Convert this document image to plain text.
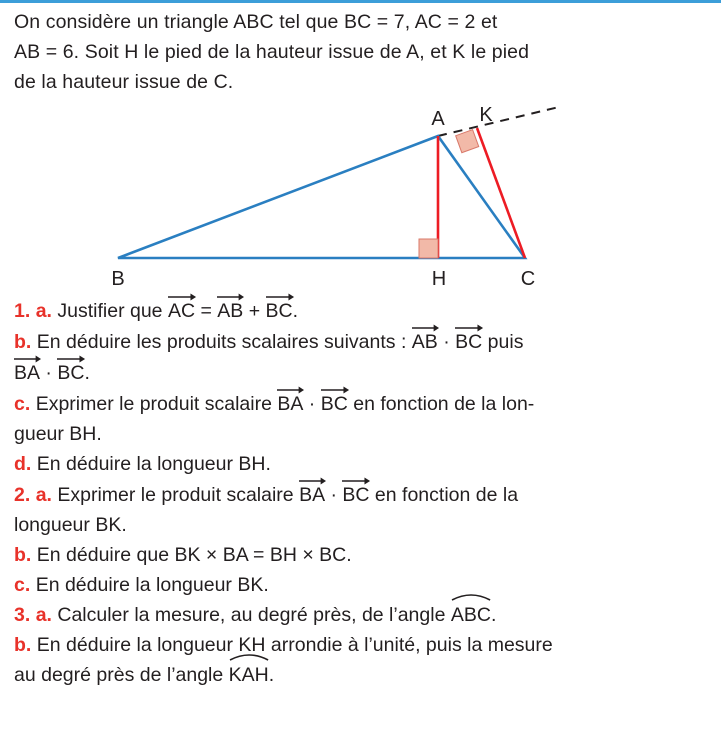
On considère un triangle ABC tel que BC = 7, AC = 2 et
AB = 6. Soit H le pied de la hauteur issue de A, et K le pied
de la hauteur issue de C.
A K
B	H	C
1. a. Justifier que
AC =
AB +
BC.
b. En déduire les produits scalaires suivants :
AB ·
BC puis
BA ·
BC.
c. Exprimer le produit scalaire
BA ·
BC en fonction de la lon-
gueur BH.
d. En déduire la longueur BH.
2. a. Exprimer le produit scalaire
BA ·
BC en fonction de la
longueur BK.
b. En déduire que BK × BA = BH × BC.
c. En déduire la longueur BK.
3. a. Calculer la mesure, au degré près, de l’angle
ABC.
b. En déduire la longueur KH arrondie à l’unité, puis la mesure
au degré près de l’angle
KAH.
